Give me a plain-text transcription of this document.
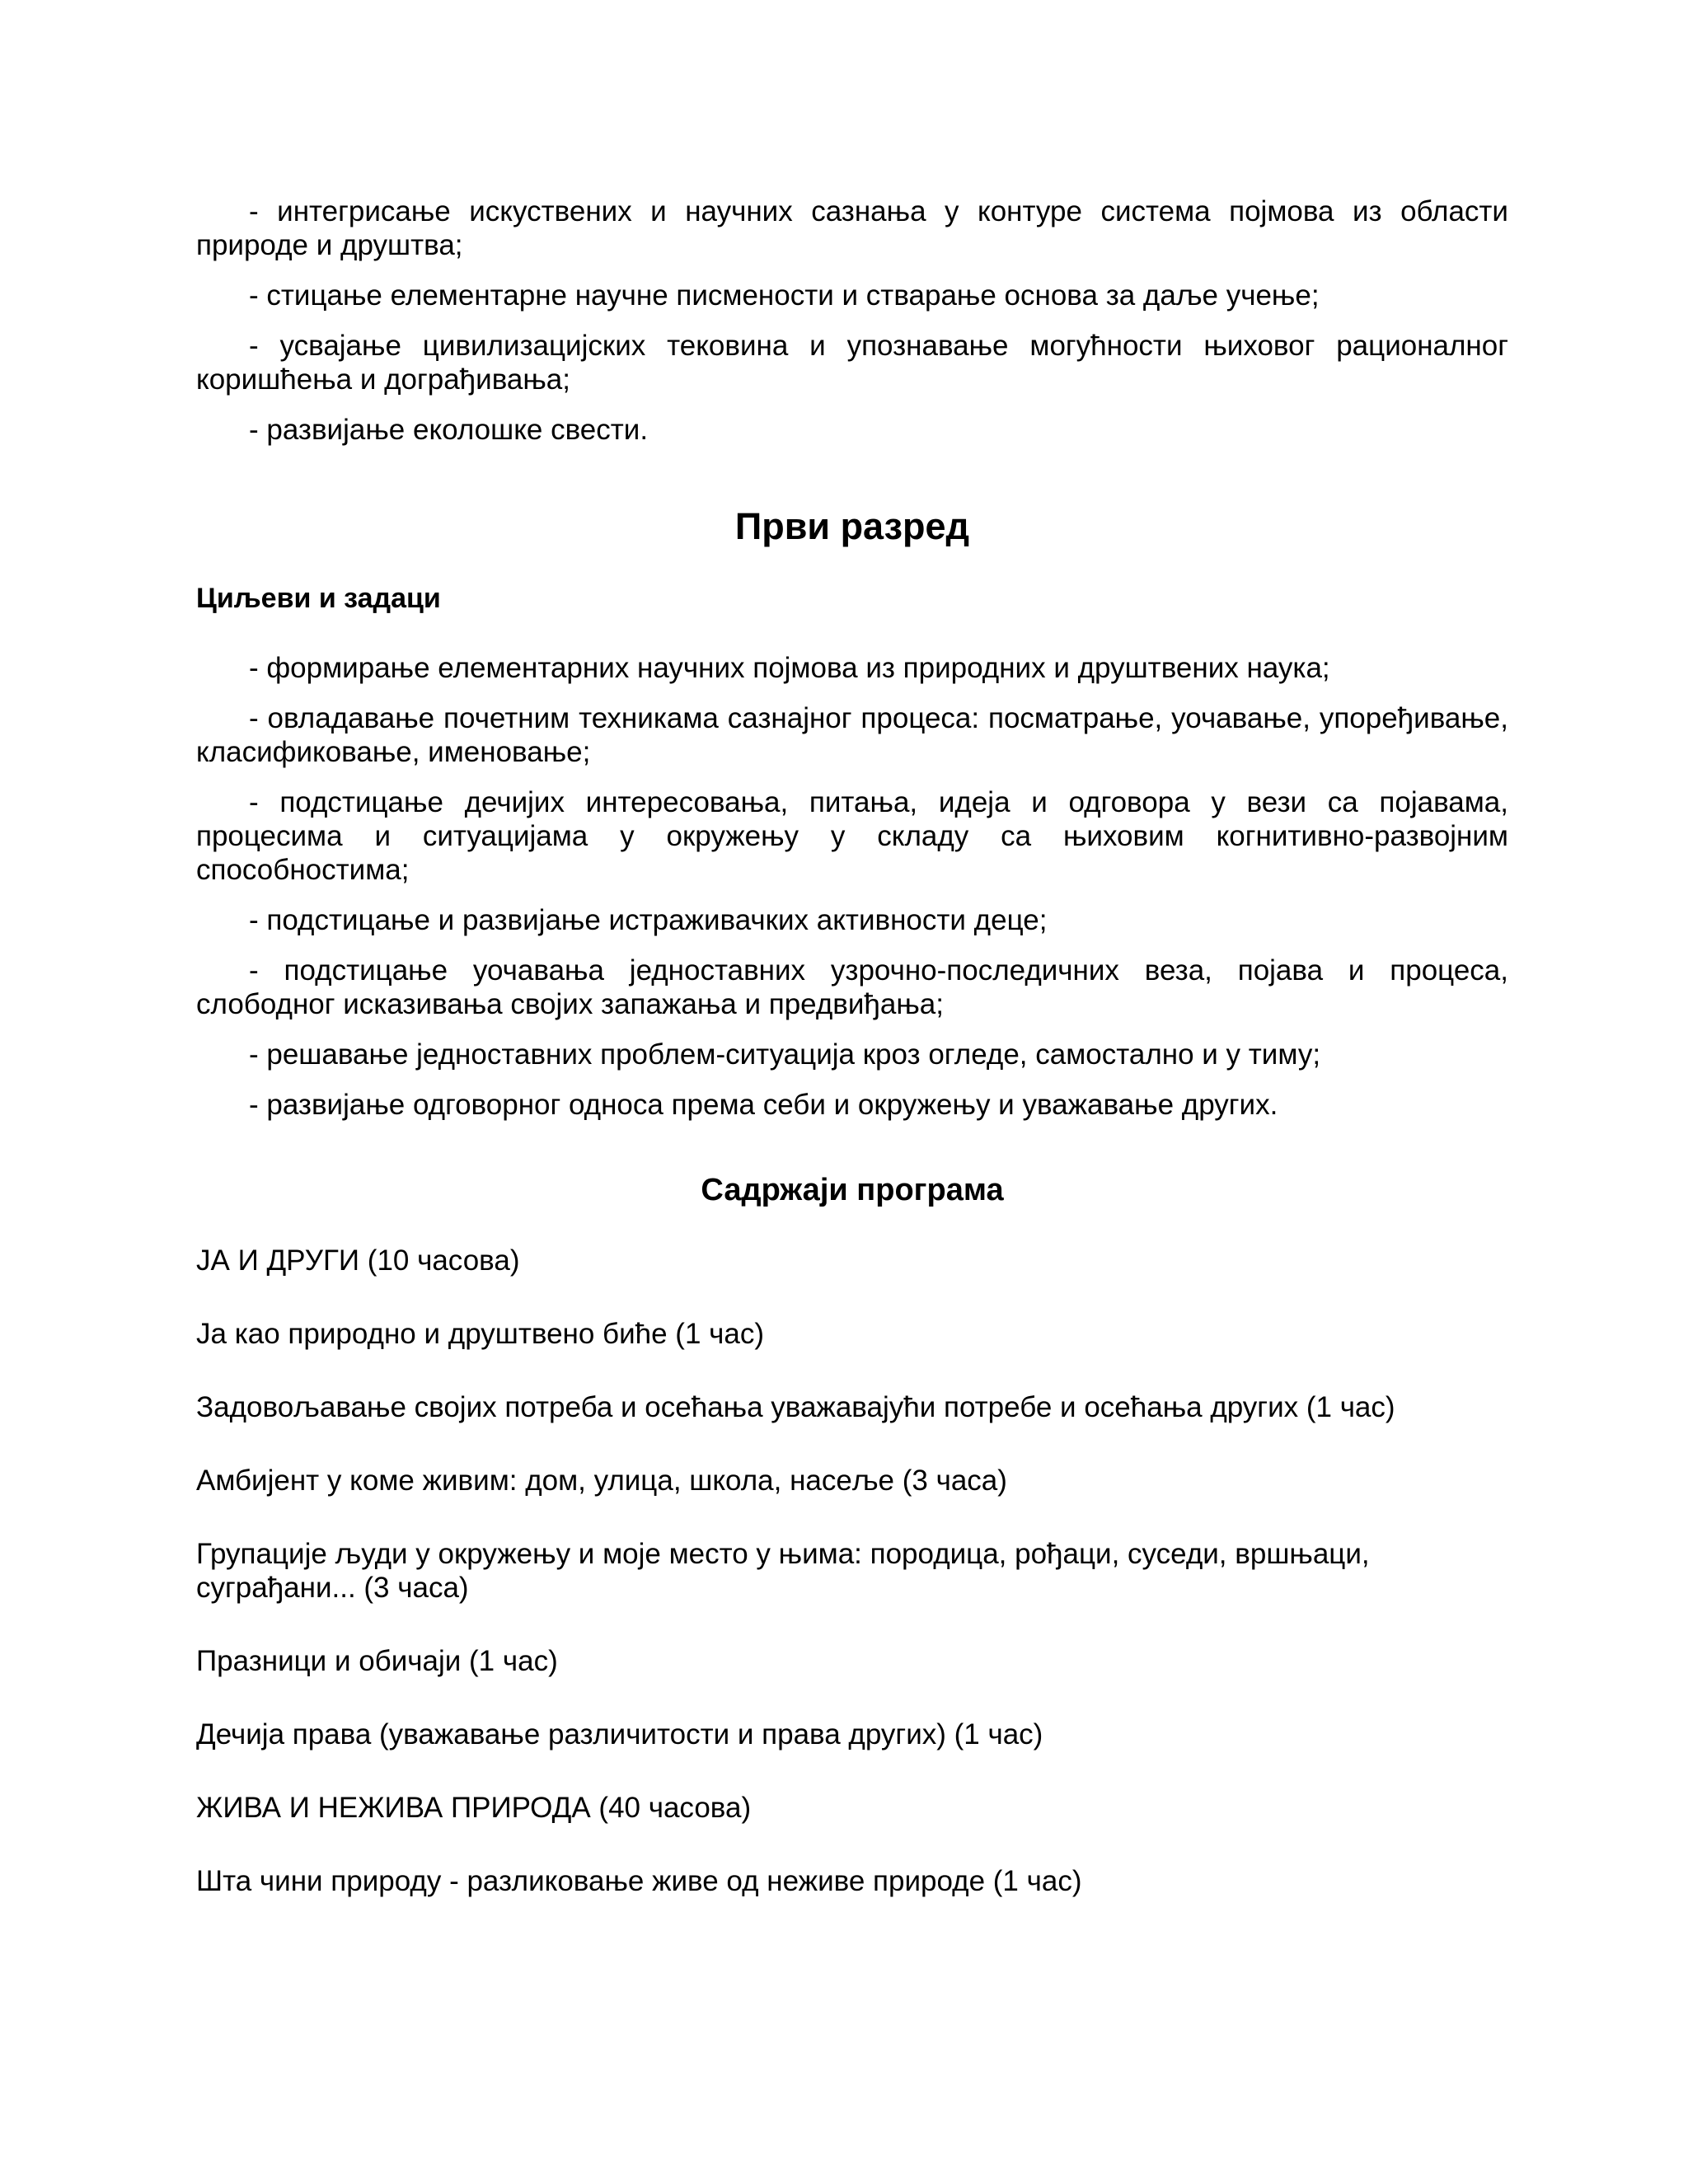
- интегрисање искуствених и научних сазнања у контуре система појмова из области природе и друштва;

- стицање елементарне научне писмености и стварање основа за даље учење;

- усвајање цивилизацијских тековина и упознавање могућности њиховог рационалног коришћења и дограђивања;

- развијање еколошке свести.

Први разред
Циљеви и задаци

- формирање елементарних научних појмова из природних и друштвених наука;

- овладавање почетним техникама сазнајног процеса: посматрање, уочавање, упоређивање, класификовање, именовање;

- подстицање дечијих интересовања, питања, идеја и одговора у вези са појавама, процесима и ситуацијама у окружењу у складу са њиховим когнитивно-развојним способностима;

- подстицање и развијање истраживачких активности деце;

- подстицање уочавања једноставних узрочно-последичних веза, појава и процеса, слободног исказивања својих запажања и предвиђања;

- решавање једноставних проблем-ситуација кроз огледе, самостално и у тиму;

- развијање одговорног односа према себи и окружењу и уважавање других.

Садржаји програма

ЈА И ДРУГИ (10 часова)

Ја као природно и друштвено биће (1 час)

Задовољавање својих потреба и осећања уважавајући потребе и осећања других (1 час)

Амбијент у коме живим: дом, улица, школа, насеље (3 часа)

Групације људи у окружењу и моје место у њима: породица, рођаци, суседи, вршњаци, суграђани... (3 часа)

Празници и обичаји (1 час)

Дечија права (уважавање различитости и права других) (1 час)

ЖИВА И НЕЖИВА ПРИРОДА (40 часова)

Шта чини природу - разликовање живе од неживе природе (1 час)
